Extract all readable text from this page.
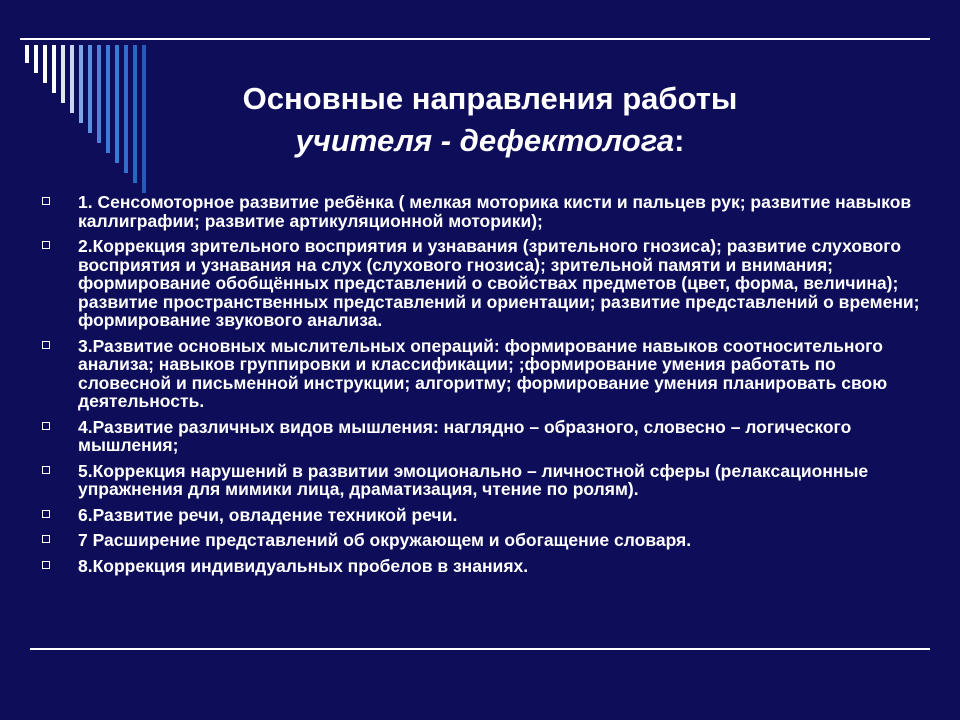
Основные направления работы
учителя - дефектолога:
1. Сенсомоторное развитие ребёнка ( мелкая моторика кисти и пальцев рук; развитие навыков каллиграфии; развитие артикуляционной моторики);
2.Коррекция зрительного восприятия и узнавания (зрительного гнозиса); развитие слухового восприятия и узнавания на слух (слухового гнозиса); зрительной памяти и внимания; формирование обобщённых представлений о свойствах предметов (цвет, форма, величина); развитие пространственных представлений и ориентации; развитие представлений о времени; формирование звукового анализа.
3.Развитие основных мыслительных операций: формирование навыков соотносительного анализа; навыков группировки и классификации; ;формирование умения работать по словесной и письменной инструкции; алгоритму; формирование умения планировать свою деятельность.
4.Развитие различных видов мышления: наглядно – образного, словесно – логического мышления;
5.Коррекция нарушений в развитии эмоционально – личностной сферы (релаксационные упражнения для мимики лица, драматизация, чтение по ролям).
6.Развитие речи, овладение техникой речи.
7 Расширение представлений об окружающем и обогащение словаря.
8.Коррекция индивидуальных пробелов в знаниях.
